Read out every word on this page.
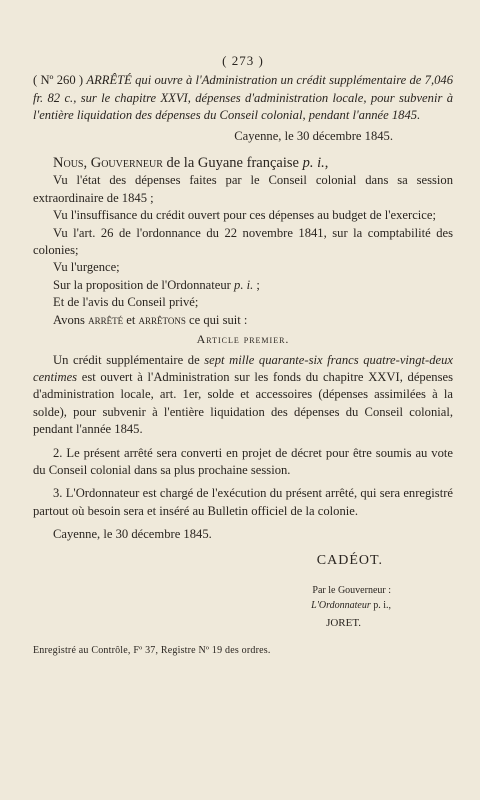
( 273 )

( Nº 260 ) ARRÊTÉ qui ouvre à l'Administration un crédit supplémentaire de 7,046 fr. 82 c., sur le chapitre XXVI, dépenses d'administration locale, pour subvenir à l'entière liquidation des dépenses du Conseil colonial, pendant l'année 1845.

Cayenne, le 30 décembre 1845.
Nous, Gouverneur de la Guyane française p. i.,

Vu l'état des dépenses faites par le Conseil colonial dans sa session extraordinaire de 1845 ;

Vu l'insuffisance du crédit ouvert pour ces dépenses au budget de l'exercice;

Vu l'art. 26 de l'ordonnance du 22 novembre 1841, sur la comptabilité des colonies;

Vu l'urgence;

Sur la proposition de l'Ordonnateur p. i. ;

Et de l'avis du Conseil privé;

Avons arrêté et arrêtons ce qui suit :

Article premier.

Un crédit supplémentaire de sept mille quarante-six francs quatre-vingt-deux centimes est ouvert à l'Administration sur les fonds du chapitre XXVI, dépenses d'administration locale, art. 1er, solde et accessoires (dépenses assimilées à la solde), pour subvenir à l'entière liquidation des dépenses du Conseil colonial, pendant l'année 1845.

2. Le présent arrêté sera converti en projet de décret pour être soumis au vote du Conseil colonial dans sa plus prochaine session.

3. L'Ordonnateur est chargé de l'exécution du présent arrêté, qui sera enregistré partout où besoin sera et inséré au Bulletin officiel de la colonie.

Cayenne, le 30 décembre 1845.

CADÉOT.
Par le Gouverneur :
L'Ordonnateur p. i.,
JORET.
Enregistré au Contrôle, Fº 37, Registre Nº 19 des ordres.
